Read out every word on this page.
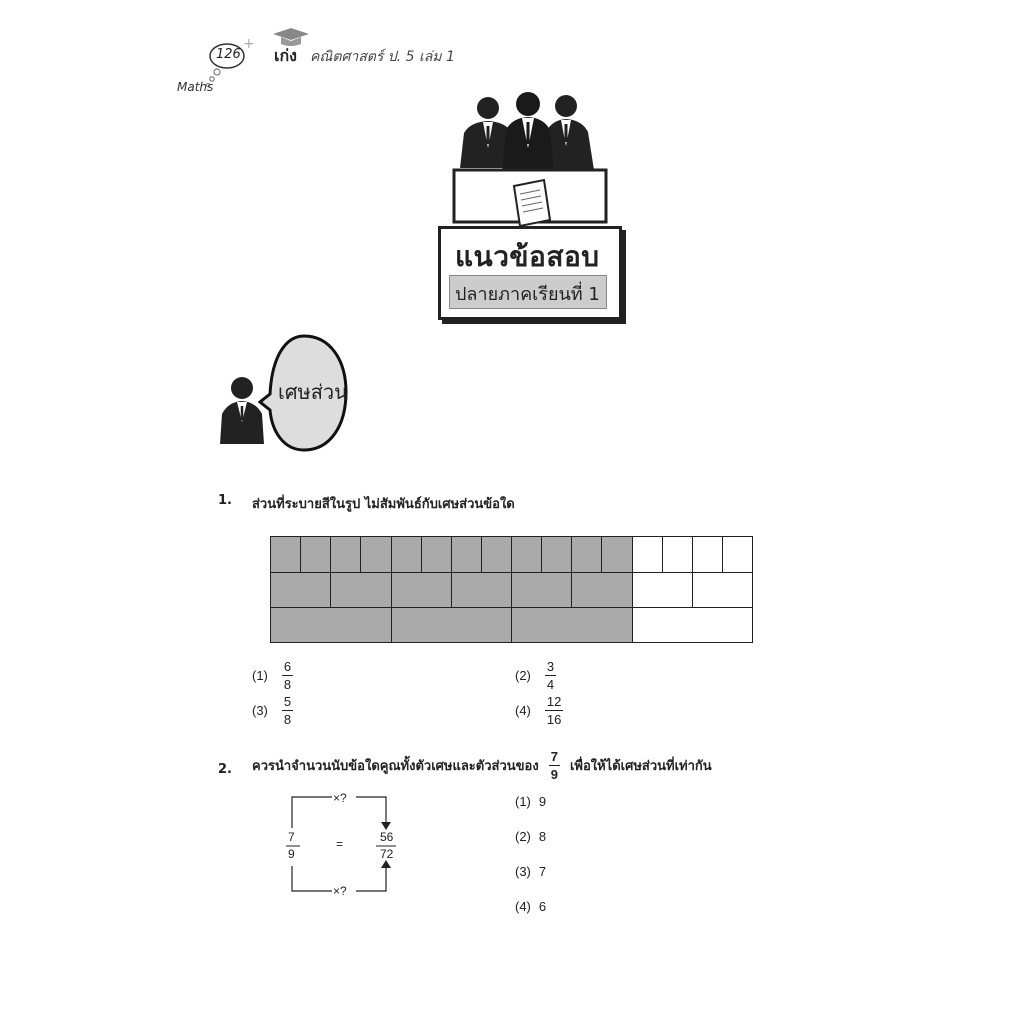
+
126
Maths
เก่ง คณิตศาสตร์ ป. 5 เล่ม 1
แนวข้อสอบ
ปลายภาคเรียนที่ 1
เศษส่วน
1. ส่วนที่ระบายสีในรูป ไม่สัมพันธ์กับเศษส่วนข้อใด
$(1) \frac{6}{8}$	$(2) \frac{3}{4}$
$(3) \frac{5}{8}$	$(4) \frac{12}{16}$
2. ควรนำจำนวนนับข้อใดคูณทั้งตัวเศษและตัวส่วนของ $\frac{7}{9}$ เพื่อให้ได้เศษส่วนที่เท่ากัน
×?
×?
7
9
=	56
72
(1) 9
(2) 8
(3) 7
(4) 6
